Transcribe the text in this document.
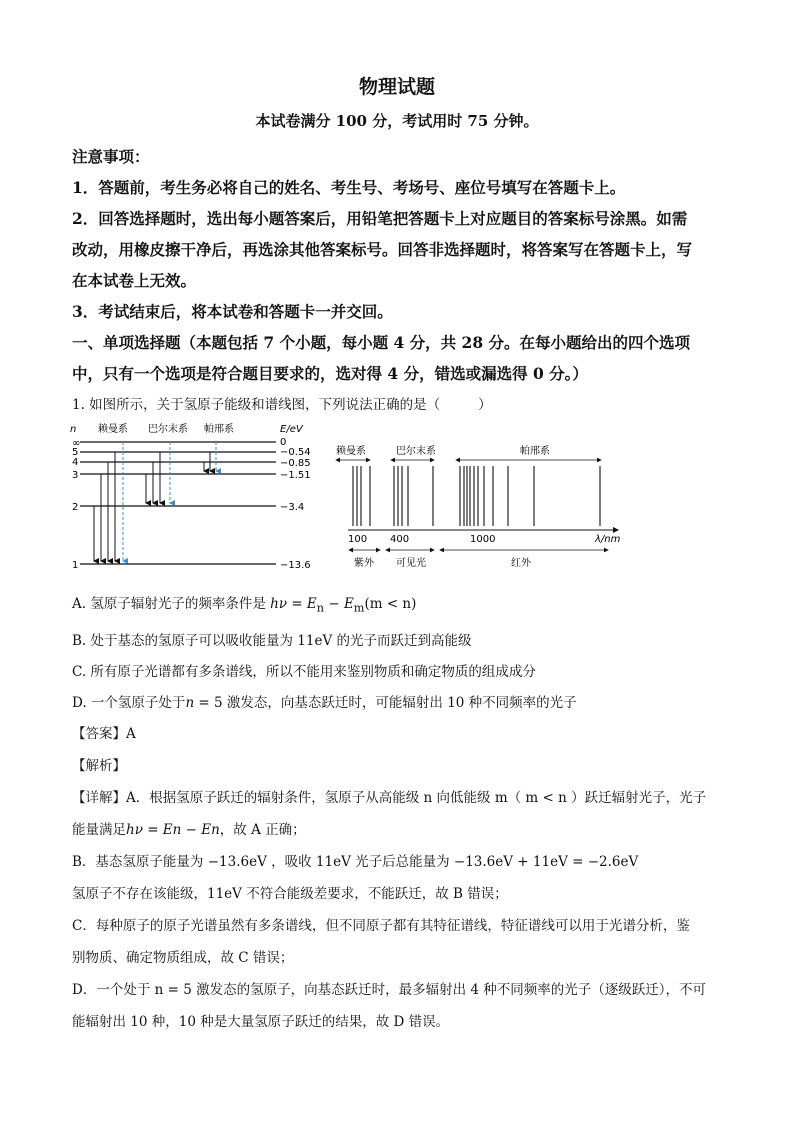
物理试题
本试卷满分 100 分，考试用时 75 分钟。
注意事项：
1．答题前，考生务必将自己的姓名、考生号、考场号、座位号填写在答题卡上。
2．回答选择题时，选出每小题答案后，用铅笔把答题卡上对应题目的答案标号涂黑。如需
改动，用橡皮擦干净后，再选涂其他答案标号。回答非选择题时，将答案写在答题卡上，写
在本试卷上无效。
3．考试结束后，将本试卷和答题卡一并交回。
一、单项选择题（本题包括 7 个小题，每小题 4 分，共 28 分。在每小题给出的四个选项
中，只有一个选项是符合题目要求的，选对得 4 分，错选或漏选得 0 分。）
1. 如图所示，关于氢原子能级和谱线图，下列说法正确的是（	）
n 赖曼系 巴尔末系 帕邢系	E/eV
∞
5
4
3
2
1
0
−0.54
−0.85
−1.51
−3.4
−13.6
赖曼系	巴尔末系	帕邢系
100 400	1000	λ/nm
紫外 可见光	红外
A. 氢原子辐射光子的频率条件是 $h\nu = E_n - E_m(m < n)$
B. 处于基态的氢原子可以吸收能量为 11eV 的光子而跃迁到高能级
C. 所有原子光谱都有多条谱线，所以不能用来鉴别物质和确定物质的组成成分
D. 一个氢原子处于n = 5 激发态，向基态跃迁时，可能辐射出 10 种不同频率的光子
【答案】A
【解析】
【详解】A．根据氢原子跃迁的辐射条件，氢原子从高能级 n 向低能级 m（ m < n ）跃迁辐射光子，光子
能量满足hν = En − En，故 A 正确；
B．基态氢原子能量为 −13.6eV ，吸收 11eV 光子后总能量为 −13.6eV + 11eV = −2.6eV
氢原子不存在该能级，11eV 不符合能级差要求，不能跃迁，故 B 错误；
C．每种原子的原子光谱虽然有多条谱线，但不同原子都有其特征谱线，特征谱线可以用于光谱分析，鉴
别物质、确定物质组成，故 C 错误；
D．一个处于 n = 5 激发态的氢原子，向基态跃迁时，最多辐射出 4 种不同频率的光子（逐级跃迁），不可
能辐射出 10 种，10 种是大量氢原子跃迁的结果，故 D 错误。
